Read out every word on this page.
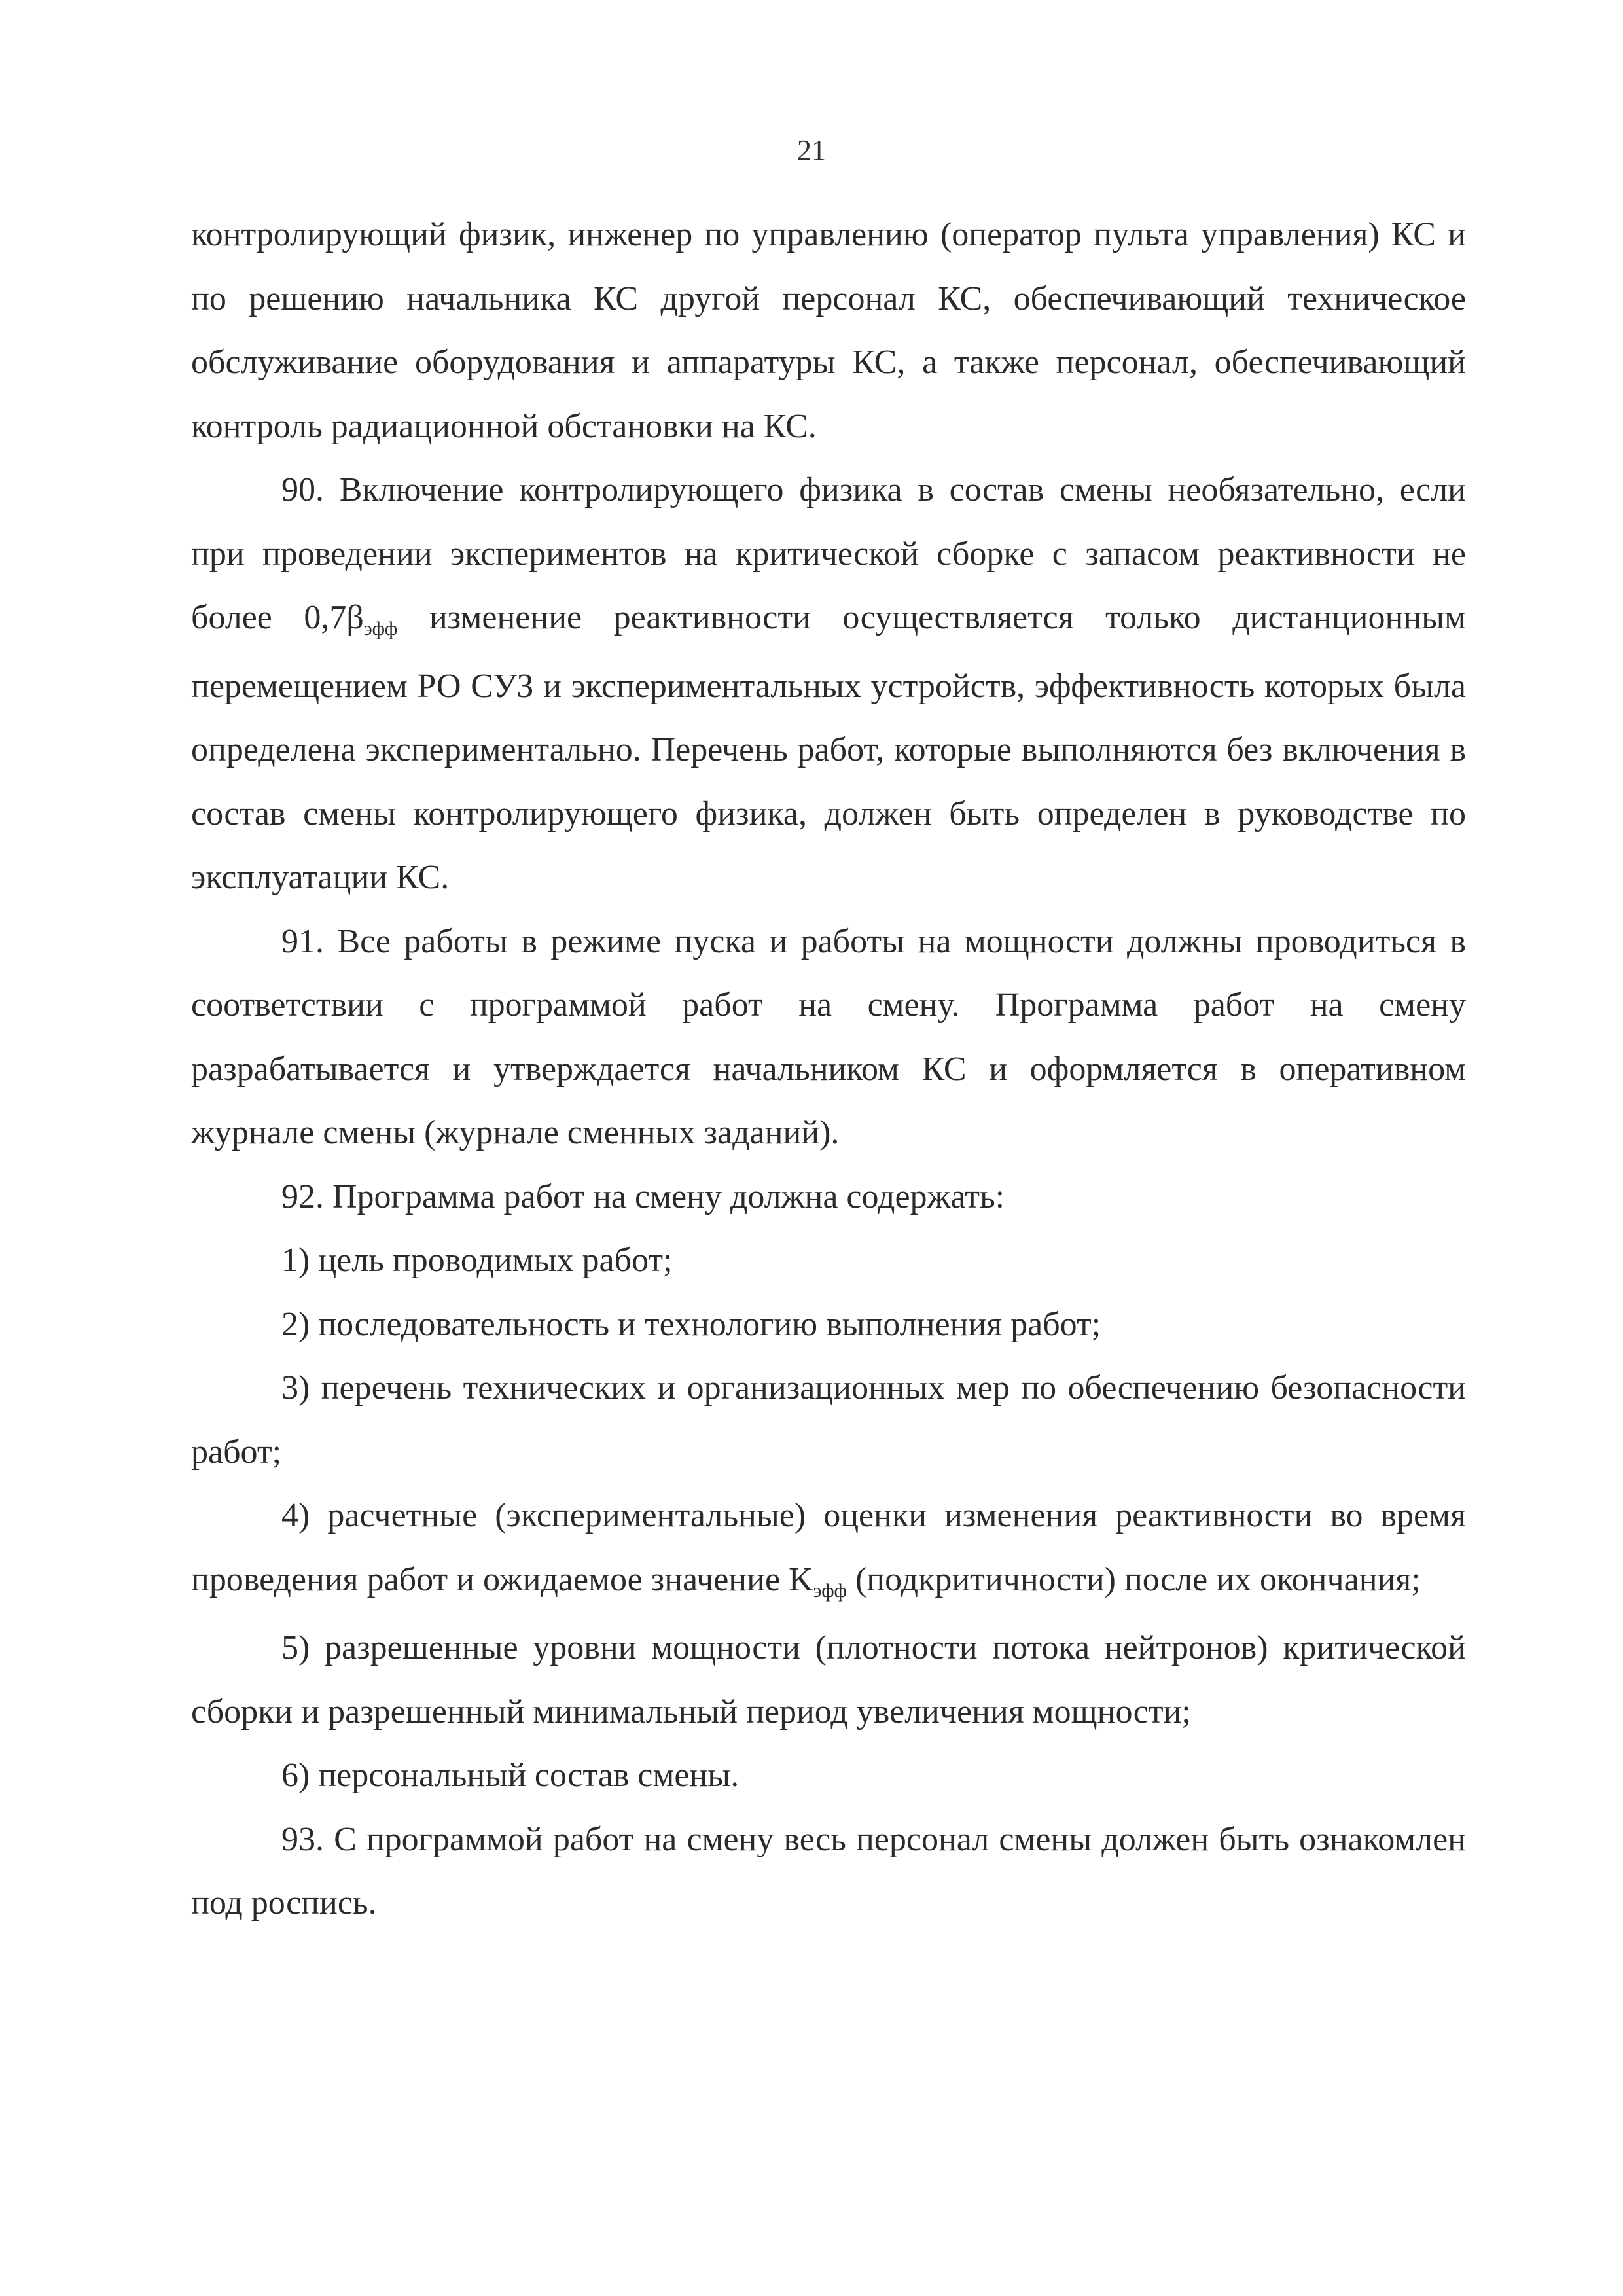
21

контролирующий физик, инженер по управлению (оператор пульта управления) КС и по решению начальника КС другой персонал КС, обеспечивающий техническое обслуживание оборудования и аппаратуры КС, а также персонал, обеспечивающий контроль радиационной обстановки на КС.

90. Включение контролирующего физика в состав смены необязательно, если при проведении экспериментов на критической сборке с запасом реактивности не более 0,7βэфф изменение реактивности осуществляется только дистанционным перемещением РО СУЗ и экспериментальных устройств, эффективность которых была определена экспериментально. Перечень работ, которые выполняются без включения в состав смены контролирующего физика, должен быть определен в руководстве по эксплуатации КС.

91. Все работы в режиме пуска и работы на мощности должны проводиться в соответствии с программой работ на смену. Программа работ на смену разрабатывается и утверждается начальником КС и оформляется в оперативном журнале смены (журнале сменных заданий).

92. Программа работ на смену должна содержать:

1) цель проводимых работ;

2) последовательность и технологию выполнения работ;

3) перечень технических и организационных мер по обеспечению безопасности работ;

4) расчетные (экспериментальные) оценки изменения реактивности во время проведения работ и ожидаемое значение Kэфф (подкритичности) после их окончания;

5) разрешенные уровни мощности (плотности потока нейтронов) критической сборки и разрешенный минимальный период увеличения мощности;

6) персональный состав смены.

93. С программой работ на смену весь персонал смены должен быть ознакомлен под роспись.
